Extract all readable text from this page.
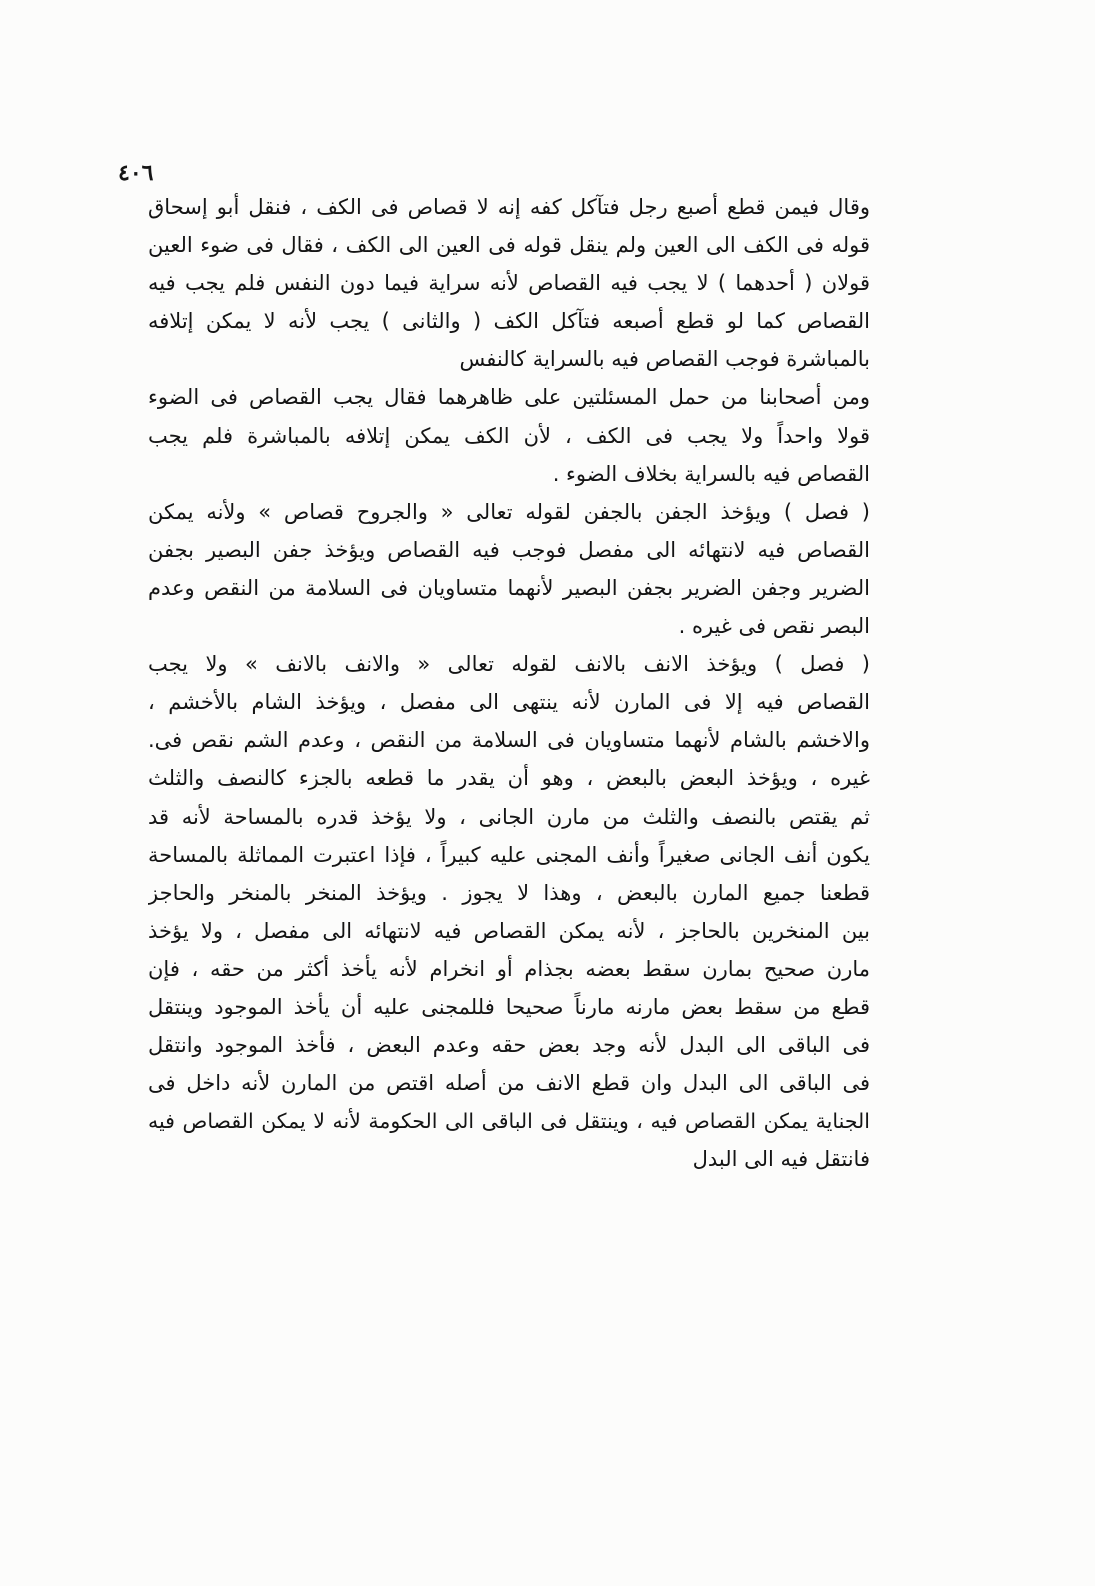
٤٠٦
وقال فيمن قطع أصبع رجل فتآكل كفه إنه لا قصاص فى الكف ، فنقل أبو إسحاق
قوله فى الكف الى العين ولم ينقل قوله فى العين الى الكف ، فقال فى ضوء العين
قولان ( أحدهما ) لا يجب فيه القصاص لأنه سراية فيما دون النفس فلم يجب فيه
القصاص كما لو قطع أصبعه فتآكل الكف ( والثانى ) يجب لأنه لا يمكن إتلافه
بالمباشرة فوجب القصاص فيه بالسراية كالنفس
ومن أصحابنا من حمل المسئلتين على ظاهرهما فقال يجب القصاص فى الضوء
قولا واحداً ولا يجب فى الكف ، لأن الكف يمكن إتلافه بالمباشرة فلم يجب
القصاص فيه بالسراية بخلاف الضوء .
( فصل ) ويؤخذ الجفن بالجفن لقوله تعالى « والجروح قصاص » ولأنه يمكن
القصاص فيه لانتهائه الى مفصل فوجب فيه القصاص ويؤخذ جفن البصير بجفن
الضرير وجفن الضرير بجفن البصير لأنهما متساويان فى السلامة من النقص وعدم
البصر نقص فى غيره .
( فصل ) ويؤخذ الانف بالانف لقوله تعالى « والانف بالانف » ولا يجب
القصاص فيه إلا فى المارن لأنه ينتهى الى مفصل ، ويؤخذ الشام بالأخشم ،
والاخشم بالشام لأنهما متساويان فى السلامة من النقص ، وعدم الشم نقص فى.
غيره ، ويؤخذ البعض بالبعض ، وهو أن يقدر ما قطعه بالجزء كالنصف والثلث
ثم يقتص بالنصف والثلث من مارن الجانى ، ولا يؤخذ قدره بالمساحة لأنه قد
يكون أنف الجانى صغيراً وأنف المجنى عليه كبيراً ، فإذا اعتبرت المماثلة بالمساحة
قطعنا جميع المارن بالبعض ، وهذا لا يجوز . ويؤخذ المنخر بالمنخر والحاجز
بين المنخرين بالحاجز ، لأنه يمكن القصاص فيه لانتهائه الى مفصل ، ولا يؤخذ
مارن صحيح بمارن سقط بعضه بجذام أو انخرام لأنه يأخذ أكثر من حقه ، فإن
قطع من سقط بعض مارنه مارناً صحيحا فللمجنى عليه أن يأخذ الموجود وينتقل
فى الباقى الى البدل لأنه وجد بعض حقه وعدم البعض ، فأخذ الموجود وانتقل
فى الباقى الى البدل وان قطع الانف من أصله اقتص من المارن لأنه داخل فى
الجناية يمكن القصاص فيه ، وينتقل فى الباقى الى الحكومة لأنه لا يمكن القصاص فيه
فانتقل فيه الى البدل
